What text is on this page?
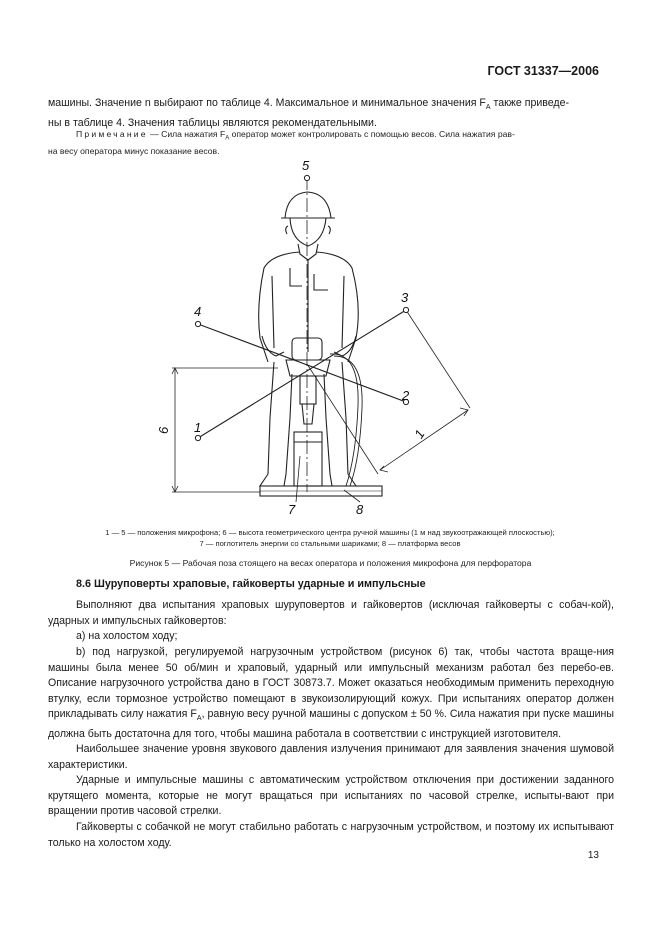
ГОСТ 31337—2006

машины. Значение n выбирают по таблице 4. Максимальное и минимальное значения $F_A$ также приведе-
ны в таблице 4. Значения таблицы являются рекомендательными.

Примечание — Сила нажатия $F_A$ оператор может контролировать с помощью весов. Сила нажатия рав-
на весу оператора минус показание весов.

5
4
3
2
1
6	1
7	8
1 — 5 — положения микрофона; 6 — высота геометрического центра ручной машины (1 м над звукоотражающей плоскостью);
7 — поглотитель энергии со стальными шариками; 8 — платформа весов
Рисунок 5 — Рабочая поза стоящего на весах оператора и положения микрофона для перфоратора
8.6 Шуруповерты храповые, гайковерты ударные и импульсные

Выполняют два испытания храповых шуруповертов и гайковертов (исключая гайковерты с собач-кой), ударных и импульсных гайковертов:

a) на холостом ходу;

b) под нагрузкой, регулируемой нагрузочным устройством (рисунок 6) так, чтобы частота враще-ния машины была менее 50 об/мин и храповый, ударный или импульсный механизм работал без перебо-ев. Описание нагрузочного устройства дано в ГОСТ 30873.7. Может оказаться необходимым применить переходную втулку, если тормозное устройство помещают в звукоизолирующий кожух. При испытаниях оператор должен прикладывать силу нажатия $F_A$, равную весу ручной машины с допуском ± 50 %. Сила нажатия при пуске машины должна быть достаточна для того, чтобы машина работала в соответствии с инструкцией изготовителя.

Наибольшее значение уровня звукового давления излучения принимают для заявления значения шумовой характеристики.

Ударные и импульсные машины с автоматическим устройством отключения при достижении заданного крутящего момента, которые не могут вращаться при испытаниях по часовой стрелке, испыты-вают при вращении против часовой стрелки.

Гайковерты с собачкой не могут стабильно работать с нагрузочным устройством, и поэтому их испытывают только на холостом ходу.

13
